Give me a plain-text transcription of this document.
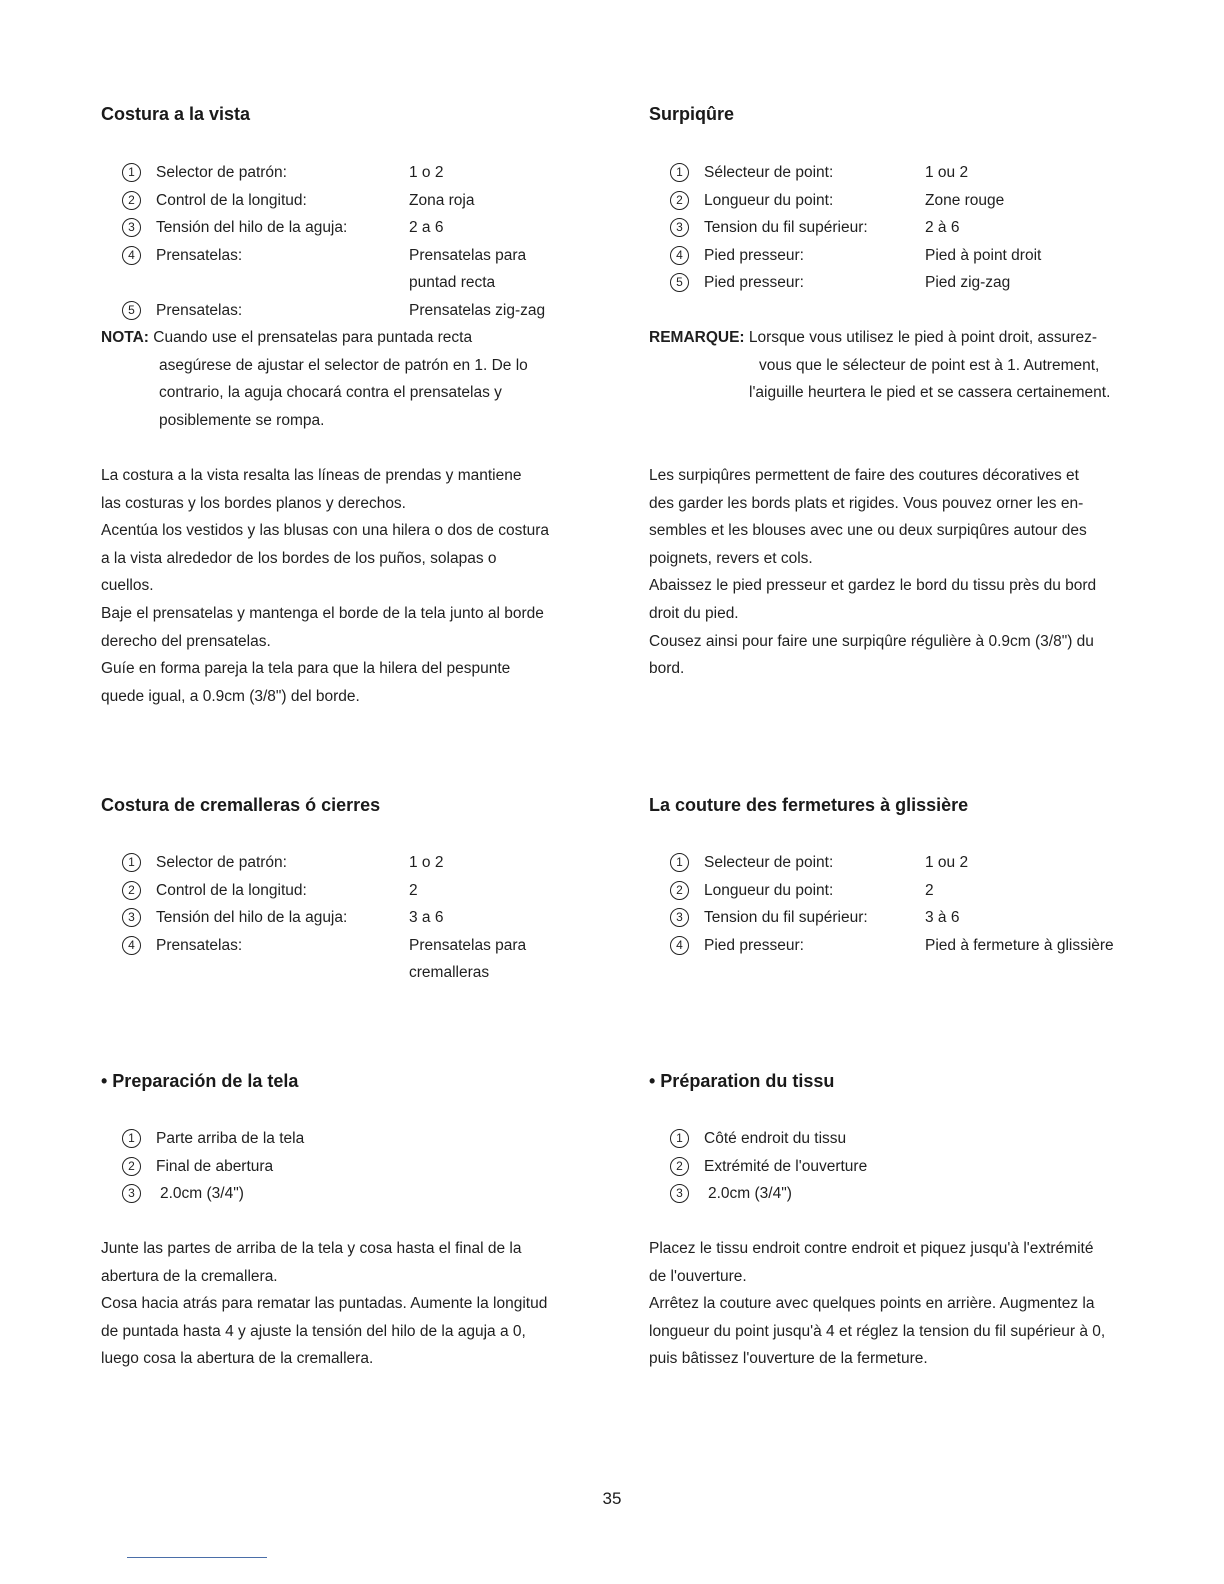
Costura a la vista
1	Selector de patrón:	1 o 2
2	Control de la longitud:	Zona roja
3	Tensión del hilo de la aguja:	2 a 6
4	Prensatelas:	Prensatelas para
puntad recta
5	Prensatelas:	Prensatelas zig-zag
NOTA: Cuando use el prensatelas para puntada recta
asegúrese de ajustar el selector de patrón en 1. De lo
contrario, la aguja chocará contra el prensatelas y
posiblemente se rompa.
La costura a la vista resalta las líneas de prendas y mantiene
las costuras y los bordes planos y derechos.
Acentúa los vestidos y las blusas con una hilera o dos de costura
a la vista alrededor de los bordes de los puños, solapas o
cuellos.
Baje el prensatelas y mantenga el borde de la tela junto al borde
derecho del prensatelas.
Guíe en forma pareja la tela para que la hilera del pespunte
quede igual, a 0.9cm (3/8") del borde.
Costura de cremalleras ó cierres
1	Selector de patrón:	1 o 2
2	Control de la longitud:	2
3	Tensión del hilo de la aguja:	3 a 6
4	Prensatelas:	Prensatelas para
cremalleras
• Preparación de la tela
1	Parte arriba de la tela
2	Final de abertura
3	2.0cm (3/4")
Junte las partes de arriba de la tela y cosa hasta el final de la
abertura de la cremallera.
Cosa hacia atrás para rematar las puntadas. Aumente la longitud
de puntada hasta 4 y ajuste la tensión del hilo de la aguja a 0,
luego cosa la abertura de la cremallera.
Surpiqûre
1	Sélecteur de point:	1 ou 2
2	Longueur du point:	Zone rouge
3	Tension du fil supérieur:	2 à 6
4	Pied presseur:	Pied à point droit
5	Pied presseur:	Pied zig-zag
REMARQUE: Lorsque vous utilisez le pied à point droit, assurez-
vous que le sélecteur de point est à 1. Autrement,
l'aiguille heurtera le pied et se cassera certainement.
Les surpiqûres permettent de faire des coutures décoratives et
des garder les bords plats et rigides. Vous pouvez orner les en-
sembles et les blouses avec une ou deux surpiqûres autour des
poignets, revers et cols.
Abaissez le pied presseur et gardez le bord du tissu près du bord
droit du pied.
Cousez ainsi pour faire une surpiqûre régulière à 0.9cm (3/8") du
bord.
La couture des fermetures à glissière
1	Selecteur de point:	1 ou 2
2	Longueur du point:	2
3	Tension du fil supérieur:	3 à 6
4	Pied presseur:	Pied à fermeture à glissière
• Préparation du tissu
1	Côté endroit du tissu
2	Extrémité de l'ouverture
3	2.0cm (3/4")
Placez le tissu endroit contre endroit et piquez jusqu'à l'extrémité
de l'ouverture.
Arrêtez la couture avec quelques points en arrière. Augmentez la
longueur du point jusqu'à 4 et réglez la tension du fil supérieur à 0,
puis bâtissez l'ouverture de la fermeture.
35
